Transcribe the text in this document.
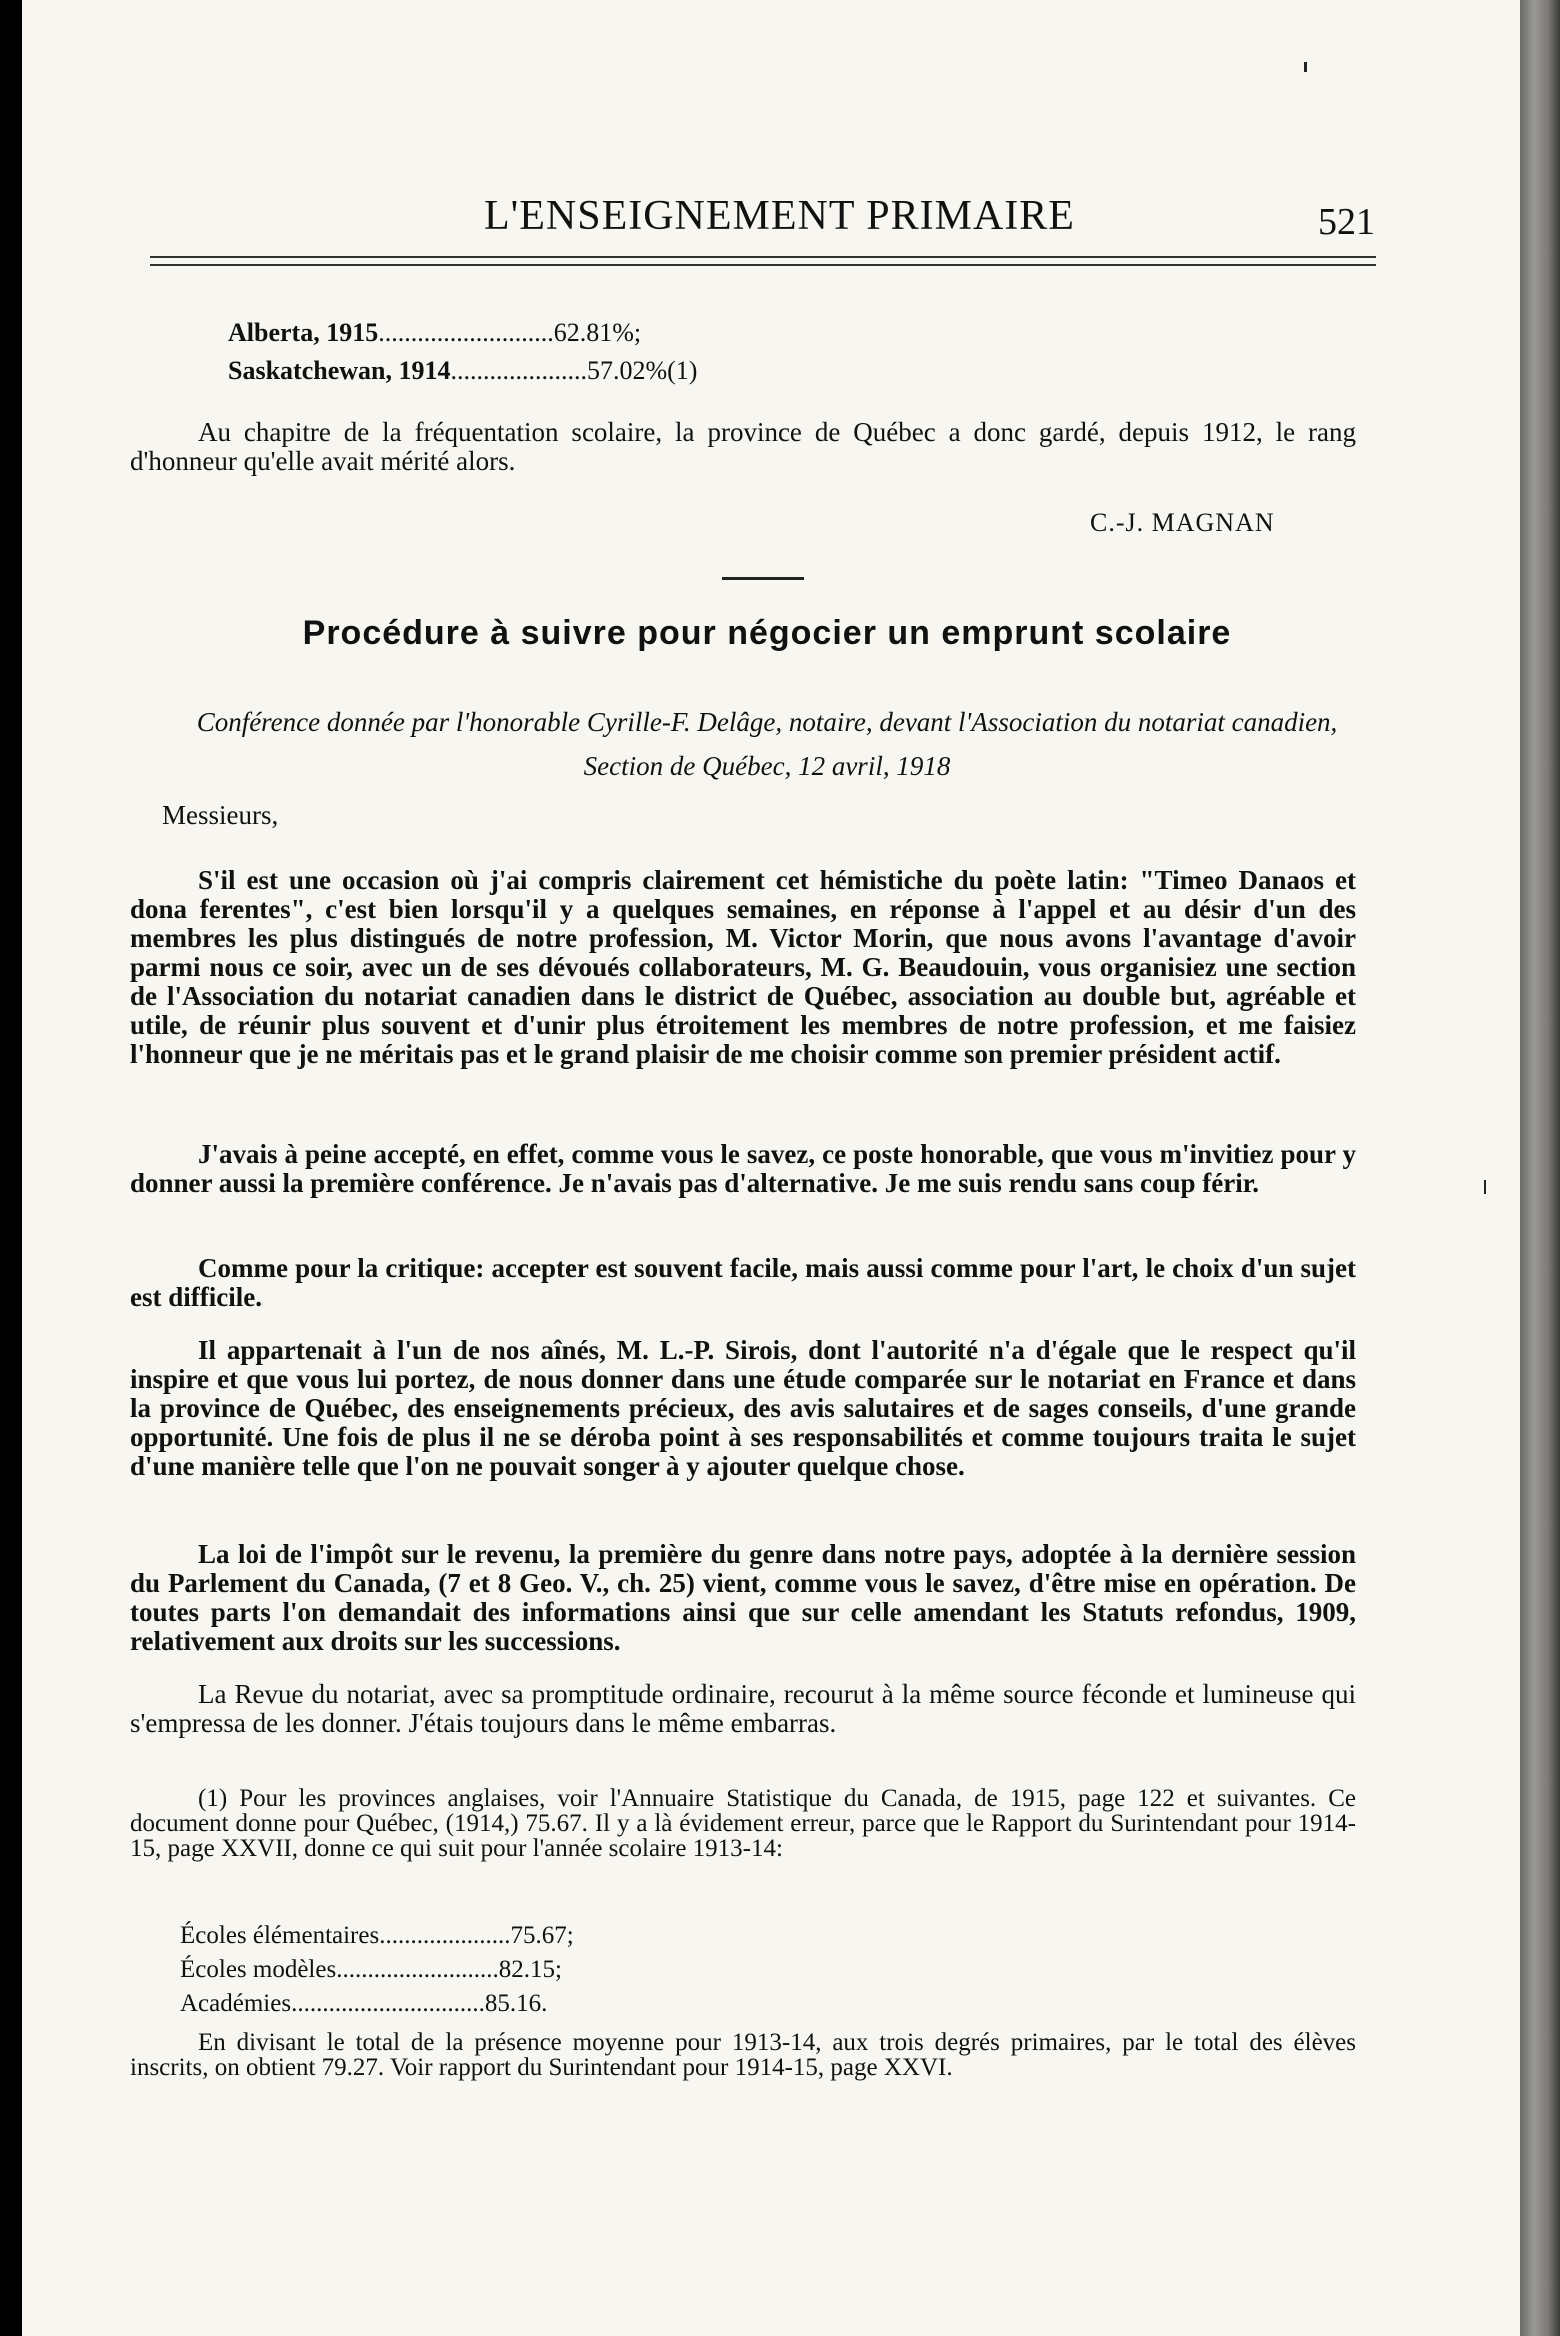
L'ENSEIGNEMENT PRIMAIRE	521
Alberta, 1915...........................62.81%;
Saskatchewan, 1914.....................57.02%(1)
Au chapitre de la fréquentation scolaire, la province de Québec a donc gardé, depuis 1912, le rang d'honneur qu'elle avait mérité alors.
C.-J. MAGNAN
Procédure à suivre pour négocier un emprunt scolaire
Conférence donnée par l'honorable Cyrille-F. Delâge, notaire, devant l'Association du notariat canadien,
Section de Québec, 12 avril, 1918
Messieurs,
S'il est une occasion où j'ai compris clairement cet hémistiche du poète latin: "Timeo Danaos et dona ferentes", c'est bien lorsqu'il y a quelques semaines, en réponse à l'appel et au désir d'un des membres les plus distingués de notre profession, M. Victor Morin, que nous avons l'avantage d'avoir parmi nous ce soir, avec un de ses dévoués collaborateurs, M. G. Beaudouin, vous organisiez une section de l'Association du notariat canadien dans le district de Québec, association au double but, agréable et utile, de réunir plus souvent et d'unir plus étroitement les membres de notre profession, et me faisiez l'honneur que je ne méritais pas et le grand plaisir de me choisir comme son premier président actif.
J'avais à peine accepté, en effet, comme vous le savez, ce poste honorable, que vous m'invitiez pour y donner aussi la première conférence. Je n'avais pas d'alternative. Je me suis rendu sans coup férir.
Comme pour la critique: accepter est souvent facile, mais aussi comme pour l'art, le choix d'un sujet est difficile.
Il appartenait à l'un de nos aînés, M. L.-P. Sirois, dont l'autorité n'a d'égale que le respect qu'il inspire et que vous lui portez, de nous donner dans une étude comparée sur le notariat en France et dans la province de Québec, des enseignements précieux, des avis salutaires et de sages conseils, d'une grande opportunité. Une fois de plus il ne se déroba point à ses responsabilités et comme toujours traita le sujet d'une manière telle que l'on ne pouvait songer à y ajouter quelque chose.
La loi de l'impôt sur le revenu, la première du genre dans notre pays, adoptée à la dernière session du Parlement du Canada, (7 et 8 Geo. V., ch. 25) vient, comme vous le savez, d'être mise en opération. De toutes parts l'on demandait des informations ainsi que sur celle amendant les Statuts refondus, 1909, relativement aux droits sur les successions.
La Revue du notariat, avec sa promptitude ordinaire, recourut à la même source féconde et lumineuse qui s'empressa de les donner. J'étais toujours dans le même embarras.
(1) Pour les provinces anglaises, voir l'Annuaire Statistique du Canada, de 1915, page 122 et suivantes. Ce document donne pour Québec, (1914,) 75.67. Il y a là évidement erreur, parce que le Rapport du Surintendant pour 1914-15, page XXVII, donne ce qui suit pour l'année scolaire 1913-14:
Écoles élémentaires.....................75.67;
Écoles modèles..........................82.15;
Académies...............................85.16.
En divisant le total de la présence moyenne pour 1913-14, aux trois degrés primaires, par le total des élèves inscrits, on obtient 79.27. Voir rapport du Surintendant pour 1914-15, page XXVI.
